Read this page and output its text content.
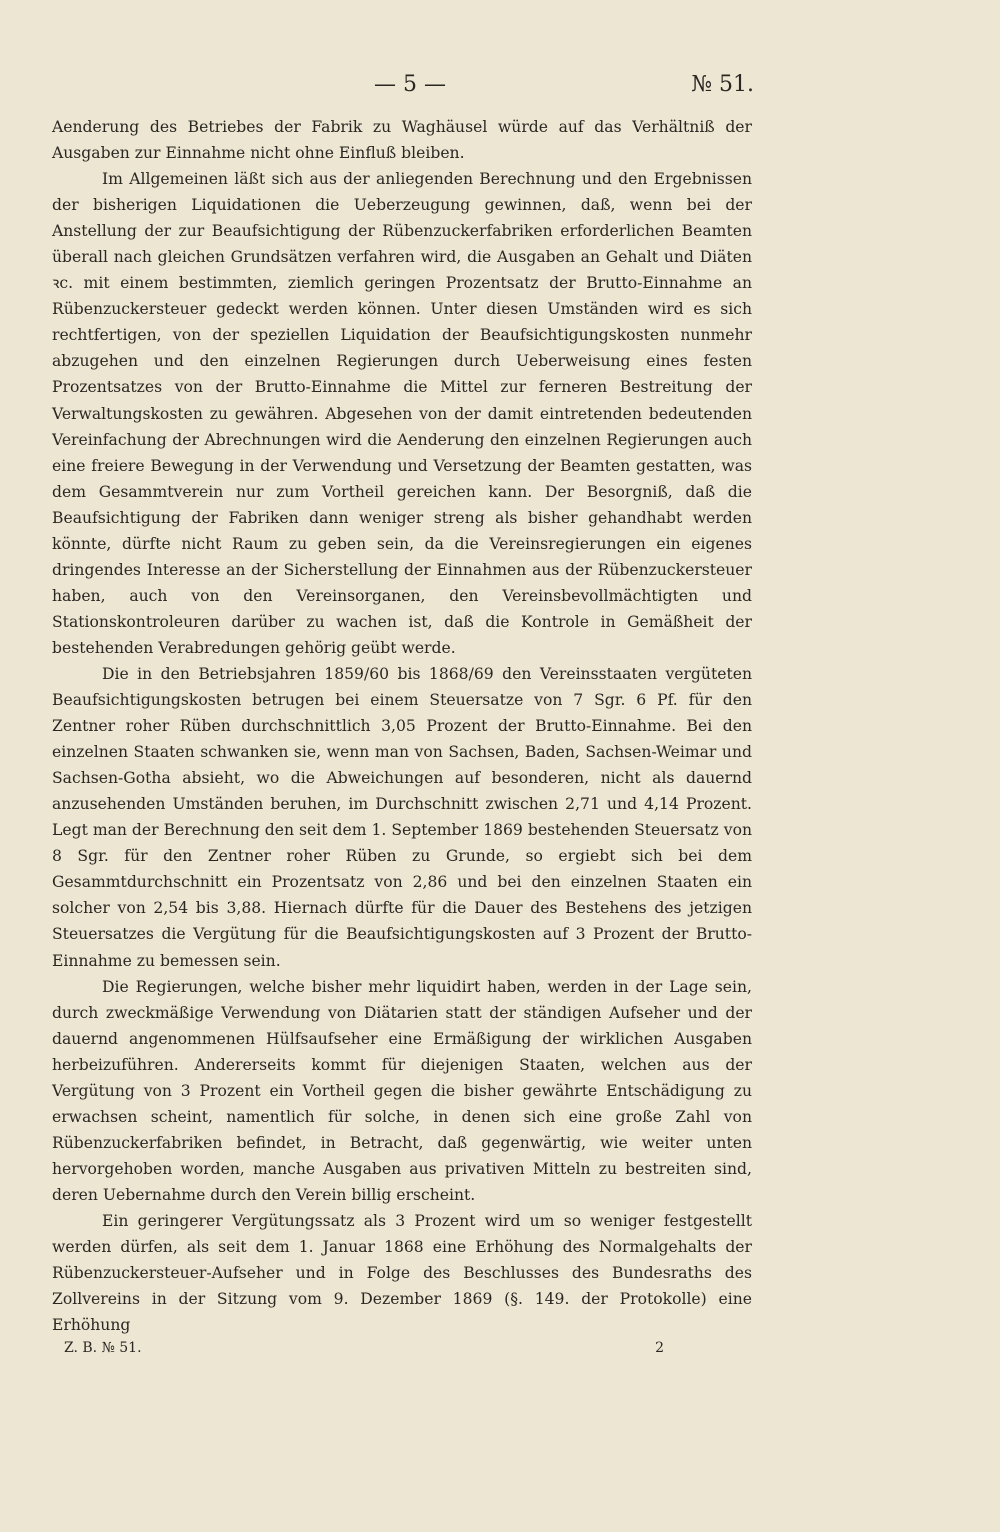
— 5 —	№ 51.

Aenderung des Betriebes der Fabrik zu Waghäusel würde auf das Verhältniß der Ausgaben zur Einnahme nicht ohne Einfluß bleiben.

Im Allgemeinen läßt sich aus der anliegenden Berechnung und den Ergebnissen der bisherigen Liquidationen die Ueberzeugung gewinnen, daß, wenn bei der Anstellung der zur Beaufsichtigung der Rübenzuckerfabriken erforderlichen Beamten überall nach gleichen Grundsätzen verfahren wird, die Ausgaben an Gehalt und Diäten ꝛc. mit einem bestimmten, ziemlich geringen Prozentsatz der Brutto-Einnahme an Rübenzuckersteuer gedeckt werden können. Unter diesen Umständen wird es sich rechtfertigen, von der speziellen Liquidation der Beaufsichtigungskosten nunmehr abzugehen und den einzelnen Regierungen durch Ueberweisung eines festen Prozentsatzes von der Brutto-Einnahme die Mittel zur ferneren Bestreitung der Verwaltungskosten zu gewähren. Abgesehen von der damit eintretenden bedeutenden Vereinfachung der Abrechnungen wird die Aenderung den einzelnen Regierungen auch eine freiere Bewegung in der Verwendung und Versetzung der Beamten gestatten, was dem Gesammtverein nur zum Vortheil gereichen kann. Der Besorgniß, daß die Beaufsichtigung der Fabriken dann weniger streng als bisher gehandhabt werden könnte, dürfte nicht Raum zu geben sein, da die Vereinsregierungen ein eigenes dringendes Interesse an der Sicherstellung der Einnahmen aus der Rübenzuckersteuer haben, auch von den Vereinsorganen, den Vereinsbevollmächtigten und Stationskontroleuren darüber zu wachen ist, daß die Kontrole in Gemäßheit der bestehenden Verabredungen gehörig geübt werde.

Die in den Betriebsjahren 1859/60 bis 1868/69 den Vereinsstaaten vergüteten Beaufsichtigungskosten betrugen bei einem Steuersatze von 7 Sgr. 6 Pf. für den Zentner roher Rüben durchschnittlich 3,05 Prozent der Brutto-Einnahme. Bei den einzelnen Staaten schwanken sie, wenn man von Sachsen, Baden, Sachsen-Weimar und Sachsen-Gotha absieht, wo die Abweichungen auf besonderen, nicht als dauernd anzusehenden Umständen beruhen, im Durchschnitt zwischen 2,71 und 4,14 Prozent. Legt man der Berechnung den seit dem 1. September 1869 bestehenden Steuersatz von 8 Sgr. für den Zentner roher Rüben zu Grunde, so ergiebt sich bei dem Gesammtdurchschnitt ein Prozentsatz von 2,86 und bei den einzelnen Staaten ein solcher von 2,54 bis 3,88. Hiernach dürfte für die Dauer des Bestehens des jetzigen Steuersatzes die Vergütung für die Beaufsichtigungskosten auf 3 Prozent der Brutto-Einnahme zu bemessen sein.

Die Regierungen, welche bisher mehr liquidirt haben, werden in der Lage sein, durch zweckmäßige Verwendung von Diätarien statt der ständigen Aufseher und der dauernd angenommenen Hülfsaufseher eine Ermäßigung der wirklichen Ausgaben herbeizuführen. Andererseits kommt für diejenigen Staaten, welchen aus der Vergütung von 3 Prozent ein Vortheil gegen die bisher gewährte Entschädigung zu erwachsen scheint, namentlich für solche, in denen sich eine große Zahl von Rübenzuckerfabriken befindet, in Betracht, daß gegenwärtig, wie weiter unten hervorgehoben worden, manche Ausgaben aus privativen Mitteln zu bestreiten sind, deren Uebernahme durch den Verein billig erscheint.

Ein geringerer Vergütungssatz als 3 Prozent wird um so weniger festgestellt werden dürfen, als seit dem 1. Januar 1868 eine Erhöhung des Normalgehalts der Rübenzuckersteuer-Aufseher und in Folge des Beschlusses des Bundesraths des Zollvereins in der Sitzung vom 9. Dezember 1869 (§. 149. der Protokolle) eine Erhöhung

Z. B. № 51.	2
